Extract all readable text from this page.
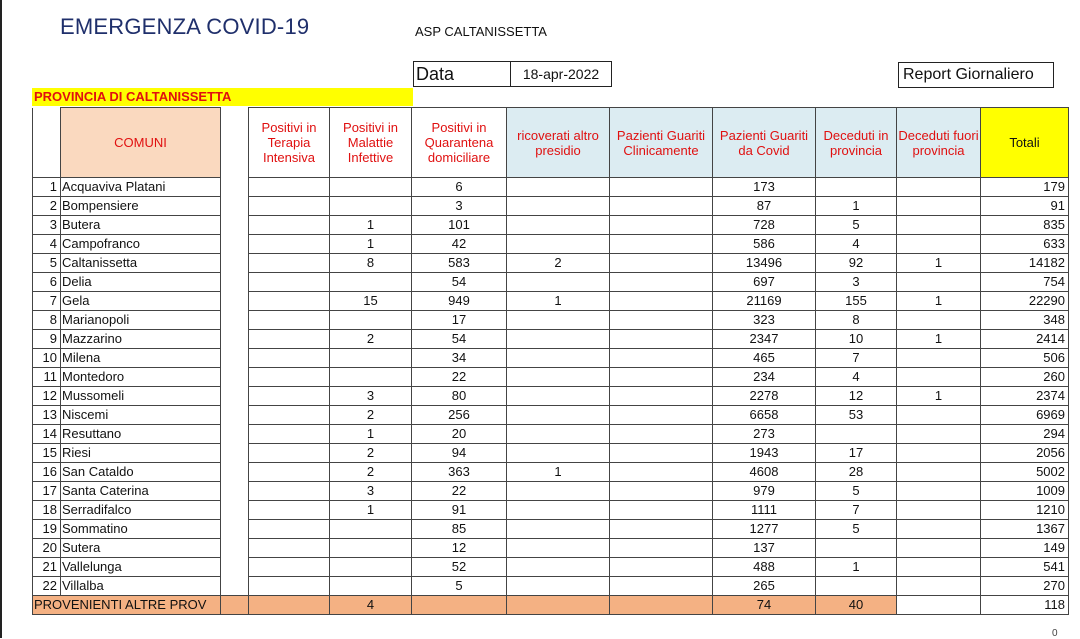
EMERGENZA COVID-19	ASP CALTANISSETTA
Data	18-apr-2022	Report Giornaliero
PROVINCIA DI CALTANISSETTA
	COMUNI		Positivi in Terapia Intensiva	Positivi in Malattie Infettive	Positivi in Quarantena domiciliare	ricoverati altro presidio	Pazienti Guariti Clinicamente	Pazienti Guariti da Covid	Deceduti in provincia	Deceduti fuori provincia	Totali
1	Acquaviva Platani				6			173			179
2	Bompensiere				3			87	1		91
3	Butera			1	101			728	5		835
4	Campofranco			1	42			586	4		633
5	Caltanissetta			8	583	2		13496	92	1	14182
6	Delia				54			697	3		754
7	Gela			15	949	1		21169	155	1	22290
8	Marianopoli				17			323	8		348
9	Mazzarino			2	54			2347	10	1	2414
10	Milena				34			465	7		506
11	Montedoro				22			234	4		260
12	Mussomeli			3	80			2278	12	1	2374
13	Niscemi			2	256			6658	53		6969
14	Resuttano			1	20			273			294
15	Riesi			2	94			1943	17		2056
16	San Cataldo			2	363	1		4608	28		5002
17	Santa Caterina			3	22			979	5		1009
18	Serradifalco			1	91			1111	7		1210
19	Sommatino				85			1277	5		1367
20	Sutera				12			137			149
21	Vallelunga				52			488	1		541
22	Villalba				5			265			270
PROVENIENTI ALTRE PROV				4				74	40		118
0
